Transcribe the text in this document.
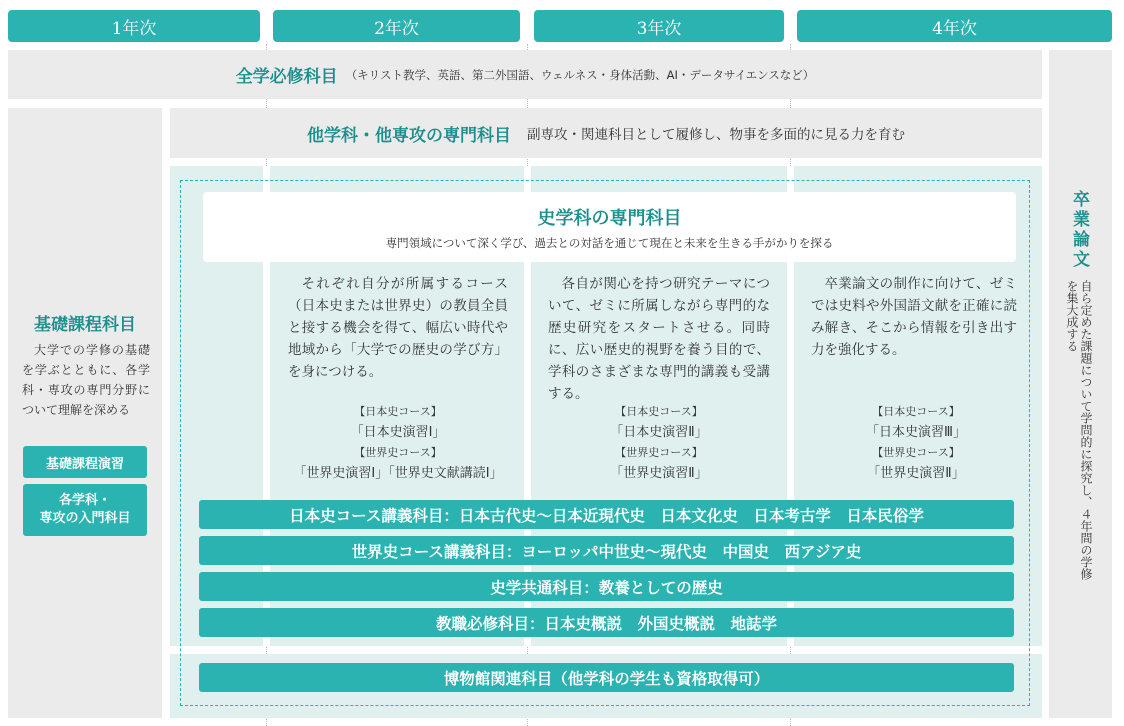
1年次	2年次	3年次	4年次
全学必修科目 （キリスト教学、英語、第二外国語、ウェルネス・身体活動、AI・データサイエンスなど）
卒業論文
自ら定めた課題について学問的に探究し、４年間の学修を集大成する
基礎課程科目
大学での学修の基礎を学ぶとともに、各学科・専攻の専門分野について理解を深める
基礎課程演習
各学科・
専攻の入門科目
他学科・他専攻の専門科目 副専攻・関連科目として履修し、物事を多面的に見る力を育む
史学科の専門科目
専門領域について深く学び、過去との対話を通じて現在と未来を生きる手がかりを探る
それぞれ自分が所属するコース（日本史または世界史）の教員全員と接する機会を得て、幅広い時代や地域から「大学での歴史の学び方」を身につける。
【日本史コース】
「日本史演習Ⅰ」
【世界史コース】
「世界史演習Ⅰ」「世界史文献講読Ⅰ」
各自が関心を持つ研究テーマについて、ゼミに所属しながら専門的な歴史研究をスタートさせる。同時に、広い歴史的視野を養う目的で、学科のさまざまな専門的講義も受講する。
【日本史コース】
「日本史演習Ⅱ」
【世界史コース】
「世界史演習Ⅱ」
卒業論文の制作に向けて、ゼミでは史料や外国語文献を正確に読み解き、そこから情報を引き出す力を強化する。
【日本史コース】
「日本史演習Ⅲ」
【世界史コース】
「世界史演習Ⅱ」
日本史コース講義科目：日本古代史〜日本近現代史　日本文化史　日本考古学　日本民俗学
世界史コース講義科目：ヨーロッパ中世史〜現代史　中国史　西アジア史
史学共通科目：教養としての歴史
教職必修科目：日本史概説　外国史概説　地誌学
博物館関連科目（他学科の学生も資格取得可）
